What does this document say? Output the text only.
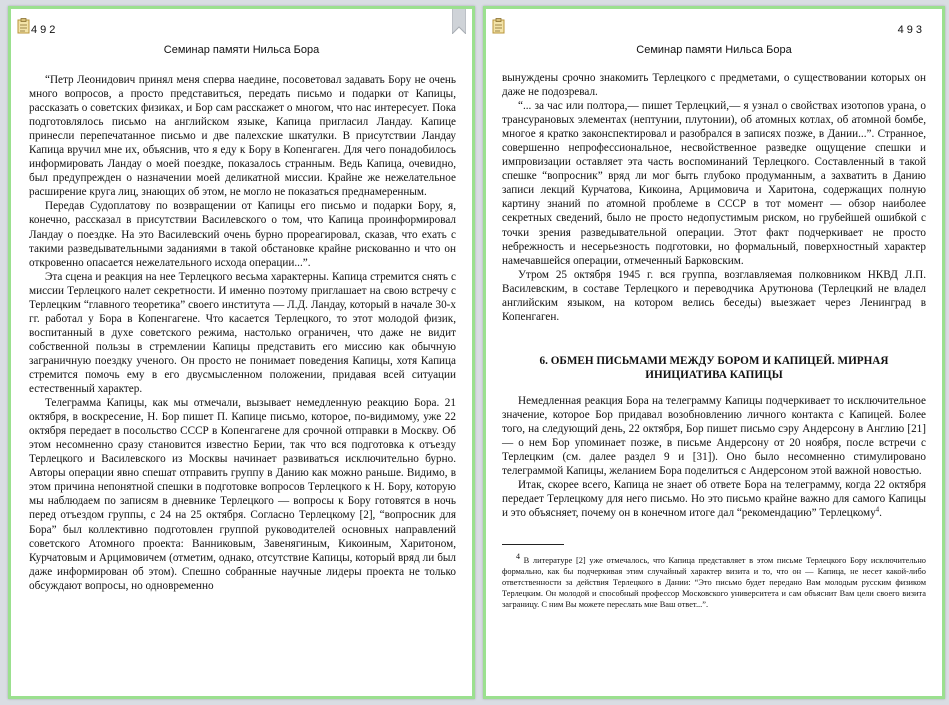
492
Семинар памяти Нильса Бора

“Петр Леонидович принял меня сперва наедине, посоветовал задавать Бору не очень много вопросов, а просто представиться, передать письмо и подарки от Капицы, рассказать о советских физиках, и Бор сам расскажет о многом, что нас интересует. Пока подготовлялось письмо на английском языке, Капица пригласил Ландау. Капице принесли перепечатанное письмо и две палехские шкатулки. В присутствии Ландау Капица вручил мне их, объяснив, что я еду к Бору в Копенгаген. Для чего понадобилось информировать Ландау о моей поездке, показалось странным. Ведь Капица, очевидно, был предупрежден о назначении моей деликатной миссии. Крайне же нежелательное расширение круга лиц, знающих об этом, не могло не показаться преднамеренным.

Передав Судоплатову по возвращении от Капицы его письмо и подарки Бору, я, конечно, рассказал в присутствии Василевского о том, что Капица проинформировал Ландау о поездке. На это Василевский очень бурно прореагировал, сказав, что ехать с такими разведывательными заданиями в такой обстановке крайне рискованно и что он откровенно опасается нежелательного исхода операции...”.

Эта сцена и реакция на нее Терлецкого весьма характерны. Капица стремится снять с миссии Терлецкого налет секретности. И именно поэтому приглашает на свою встречу с Терлецким “главного теоретика” своего института — Л.Д. Ландау, который в начале 30-х гг. работал у Бора в Копенгагене. Что касается Терлецкого, то этот молодой физик, воспитанный в духе советского режима, настолько ограничен, что даже не видит собственной пользы в стремлении Капицы представить его миссию как обычную заграничную поездку ученого. Он просто не понимает поведения Капицы, хотя Капица стремится помочь ему в его двусмысленном положении, придавая всей ситуации естественный характер.

Телеграмма Капицы, как мы отмечали, вызывает немедленную реакцию Бора. 21 октября, в воскресение, Н. Бор пишет П. Капице письмо, которое, по-видимому, уже 22 октября передает в посольство СССР в Копенгагене для срочной отправки в Москву. Об этом несомненно сразу становится известно Берии, так что вся подготовка к отъезду Терлецкого и Василевского из Москвы начинает развиваться исключительно бурно. Авторы операции явно спешат отправить группу в Данию как можно раньше. Видимо, в этом причина непонятной спешки в подготовке вопросов Терлецкого к Н. Бору, которую мы наблюдаем по записям в дневнике Терлецкого — вопросы к Бору готовятся в ночь перед отъездом группы, с 24 на 25 октября. Согласно Терлецкому [2], “вопросник для Бора” был коллективно подготовлен группой руководителей основных направлений советского Атомного проекта: Ванниковым, Завенягиным, Кикоиным, Харитоном, Курчатовым и Арцимовичем (отметим, однако, отсутствие Капицы, который вряд ли был даже информирован об этом). Спешно собранные научные лидеры проекта не только обсуждают вопросы, но одновременно

493
Семинар памяти Нильса Бора

вынуждены срочно знакомить Терлецкого с предметами, о существовании которых он даже не подозревал.

“... за час или полтора,— пишет Терлецкий,— я узнал о свойствах изотопов урана, о трансурановых элементах (нептунии, плутонии), об атомных котлах, об атомной бомбе, многое я кратко законспектировал и разобрался в записях позже, в Дании...”. Странное, совершенно непрофессиональное, несвойственное разведке ощущение спешки и импровизации оставляет эта часть воспоминаний Терлецкого. Составленный в такой спешке “вопросник” вряд ли мог быть глубоко продуманным, а захватить в Данию записи лекций Курчатова, Кикоина, Арцимовича и Харитона, содержащих полную картину знаний по атомной проблеме в СССР в тот момент — обзор наиболее секретных сведений, было не просто недопустимым риском, но грубейшей ошибкой с точки зрения разведывательной операции. Этот факт подчеркивает не просто небрежность и несерьезность подготовки, но формальный, поверхностный характер намечавшейся операции, отмеченный Барковским.

Утром 25 октября 1945 г. вся группа, возглавляемая полковником НКВД Л.П. Василевским, в составе Терлецкого и переводчика Арутюнова (Терлецкий не владел английским языком, на котором велись беседы) выезжает через Ленинград в Копенгаген.

6. ОБМЕН ПИСЬМАМИ МЕЖДУ БОРОМ И КАПИЦЕЙ. МИРНАЯ ИНИЦИАТИВА КАПИЦЫ

Немедленная реакция Бора на телеграмму Капицы подчеркивает то исключительное значение, которое Бор придавал возобновлению личного контакта с Капицей. Более того, на следующий день, 22 октября, Бор пишет письмо сэру Андерсону в Англию [21] — о нем Бор упоминает позже, в письме Андерсону от 20 ноября, после встречи с Терлецким (см. далее раздел 9 и [31]). Оно было несомненно стимулировано телеграммой Капицы, желанием Бора поделиться с Андерсоном этой важной новостью.

Итак, скорее всего, Капица не знает об ответе Бора на телеграмму, когда 22 октября передает Терлецкому для него письмо. Но это письмо крайне важно для самого Капицы и это объясняет, почему он в конечном итоге дал “рекомендацию” Терлецкому$^4$.

4 В литературе [2] уже отмечалось, что Капица представляет в этом письме Терлецкого Бору исключительно формально, как бы подчеркивая этим случайный характер визита и то, что он — Капица, не несет какой-либо ответственности за действия Терлецкого в Дании: “Это письмо будет передано Вам молодым русским физиком Терлецким. Он молодой и способный профессор Московского университета и сам объяснит Вам цели своего визита заграницу. С ним Вы можете переслать мне Ваш ответ...”.
